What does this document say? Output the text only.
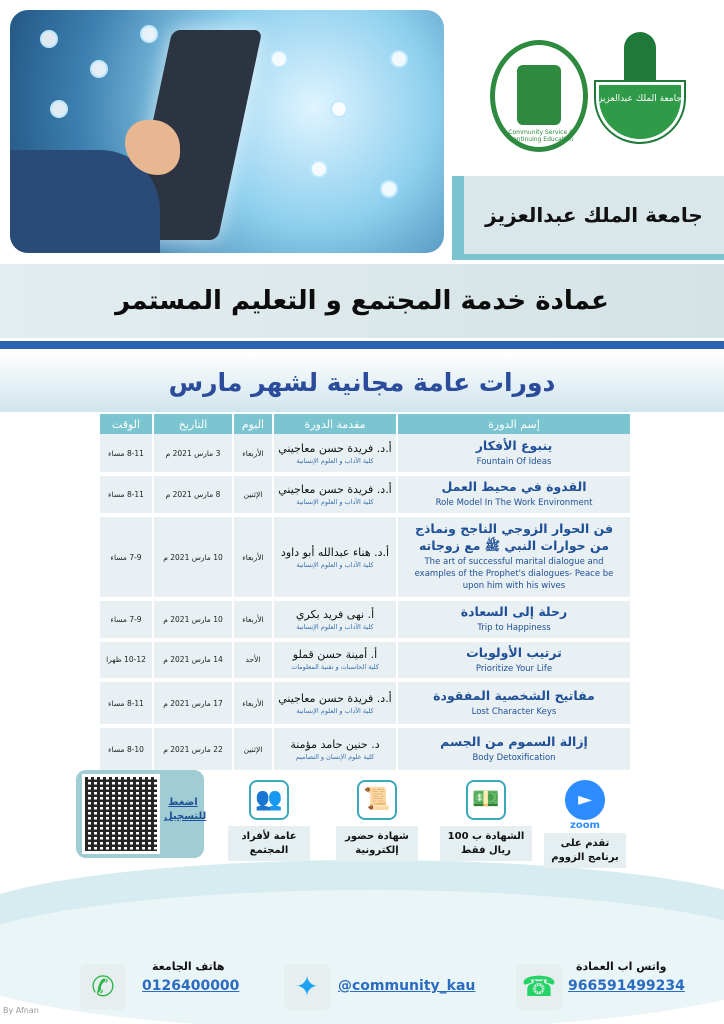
Community Service & Continuing Education
جامعة الملك عبدالعزيز
جامعة الملك عبدالعزيز
عمادة خدمة المجتمع و التعليم المستمر
دورات عامة مجانية لشهر مارس
إسم الدورة	مقدمة الدورة	اليوم	التاريخ	الوقت

ينبوع الأفكار
Fountain Of Ideas	أ.د. فريدة حسن معاجيني
كلية الآداب و العلوم الإنسانية	الأربعاء	3 مارس 2021 م	8-11 مساء

القدوة في محيط العمل
Role Model In The Work Environment	أ.د. فريدة حسن معاجيني
كلية الآداب و العلوم الإنسانية	الإثنين	8 مارس 2021 م	8-11 مساء

فن الحوار الزوجي الناجح ونماذج من حوارات النبي ﷺ مع زوجاته
The art of successful marital dialogue and examples of the Prophet's dialogues- Peace be upon him with his wives	أ.د. هناء عبدالله أبو داود
كلية الآداب و العلوم الإنسانية	الأربعاء	10 مارس 2021 م	7-9 مساء

رحلة إلى السعادة
Trip to Happiness	أ. نهى فريد بكري
كلية الآداب و العلوم الإنسانية	الأربعاء	10 مارس 2021 م	7-9 مساء

ترتيب الأولويات
Prioritize Your Life	أ. أمينة حسن قملو
كلية الحاسبات و تقنية المعلومات	الأحد	14 مارس 2021 م	10-12 ظهرا

مفاتيح الشخصية المفقودة
Lost Character Keys	أ.د. فريدة حسن معاجيني
كلية الآداب و العلوم الإنسانية	الأربعاء	17 مارس 2021 م	8-11 مساء

إزالة السموم من الجسم
Body Detoxification	د. حنين حامد مؤمنة
كلية علوم الإنسان و التصاميم	الإثنين	22 مارس 2021 م	8-10 مساء
اضغط للتسجيل
👥
عامة لأفراد المجتمع
📜
شهادة حضور إلكترونية
💵
الشهادة ب 100 ريال فقط
►
zoom
تقدم على برنامج الزووم
✆
هاتف الجامعة
0126400000	✦	@community_kau ☎
واتس اب العمادة
966591499234
By Afnan
